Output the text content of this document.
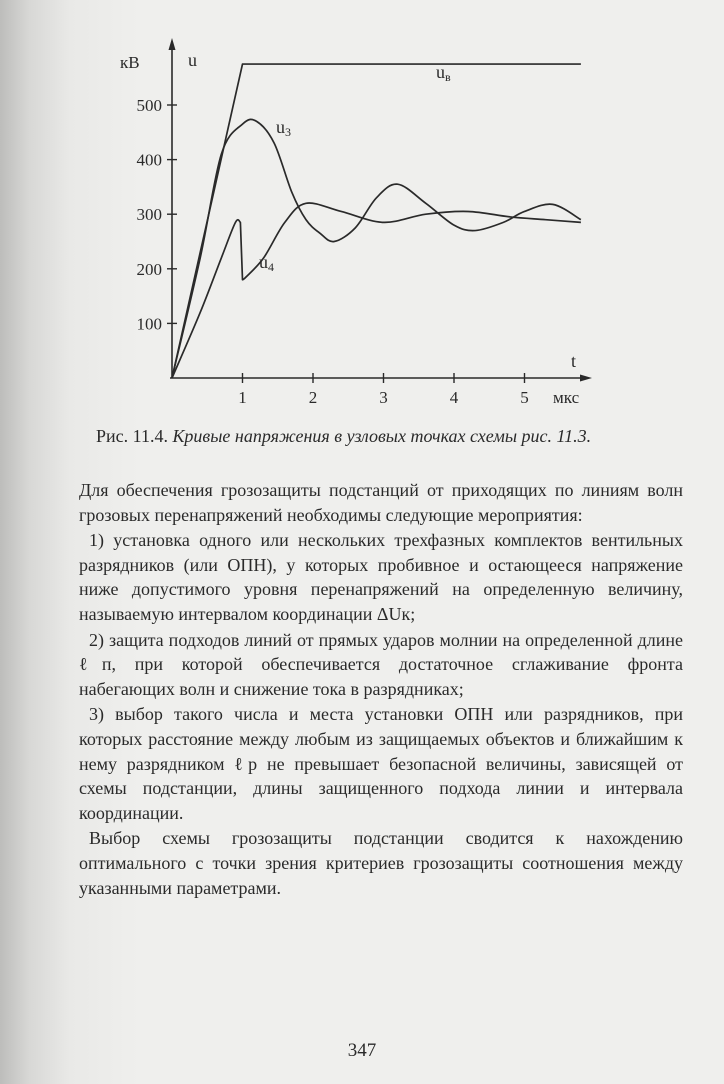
500
400
300
200
100
1	2	3	4	5
кВ	u
t
мкс
uв
u3
u4
Рис. 11.4. Кривые напряжения в узловых точках схемы рис. 11.3.

Для обеспечения грозозащиты подстанций от приходящих по линиям волн грозовых перенапряжений необходимы следующие мероприятия:

1) установка одного или нескольких трехфазных комплектов вентильных разрядников (или ОПН), у которых пробивное и остающееся напряжение ниже допустимого уровня перенапряжений на определенную величину, называемую интервалом координации ΔUк;

2) защита подходов линий от прямых ударов молнии на определенной длине ℓп, при которой обеспечивается достаточное сглаживание фронта набегающих волн и снижение тока в разрядниках;

3) выбор такого числа и места установки ОПН или разрядников, при которых расстояние между любым из защищаемых объектов и ближайшим к нему разрядником ℓр не превышает безопасной величины, зависящей от схемы подстанции, длины защищенного подхода линии и интервала координации.

Выбор схемы грозозащиты подстанции сводится к нахождению оптимального с точки зрения критериев грозозащиты соотношения между указанными параметрами.

347
